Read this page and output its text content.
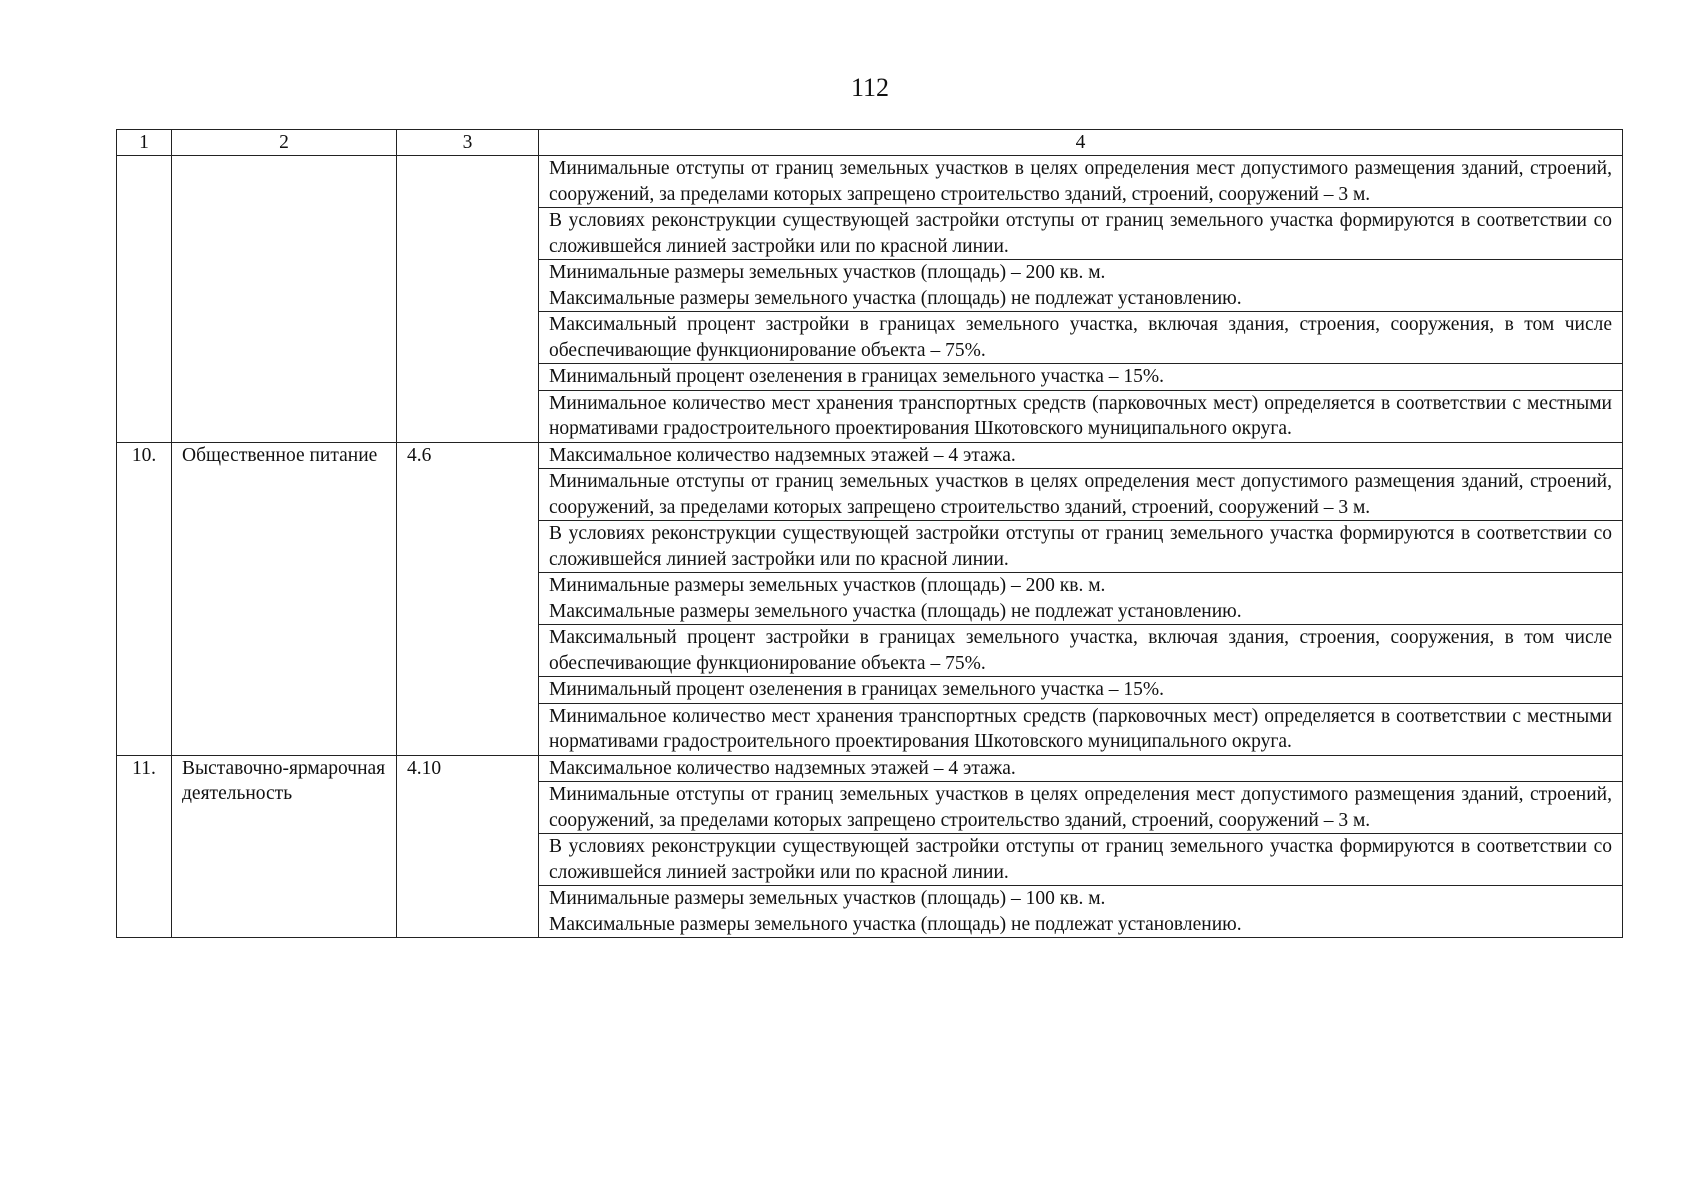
112
1	2	3	4

			Минимальные отступы от границ земельных участков в целях определения мест допустимого размещения зданий, строений, сооружений, за пределами которых запрещено строительство зданий, строений, сооружений – 3 м.

			В условиях реконструкции существующей застройки отступы от границ земельного участка формируются в соответствии со сложившейся линией застройки или по красной линии.

			Минимальные размеры земельных участков (площадь) – 200 кв. м.
Максимальные размеры земельного участка (площадь) не подлежат установлению.

			Максимальный процент застройки в границах земельного участка, включая здания, строения, сооружения, в том числе обеспечивающие функционирование объекта – 75%.

			Минимальный процент озеленения в границах земельного участка – 15%.

			Минимальное количество мест хранения транспортных средств (парковочных мест) определяется в соответствии с местными нормативами градостроительного проектирования Шкотовского муниципального округа.

10.	Общественное питание	4.6	Максимальное количество надземных этажей – 4 этажа.

			Минимальные отступы от границ земельных участков в целях определения мест допустимого размещения зданий, строений, сооружений, за пределами которых запрещено строительство зданий, строений, сооружений – 3 м.

			В условиях реконструкции существующей застройки отступы от границ земельного участка формируются в соответствии со сложившейся линией застройки или по красной линии.

			Минимальные размеры земельных участков (площадь) – 200 кв. м.
Максимальные размеры земельного участка (площадь) не подлежат установлению.

			Максимальный процент застройки в границах земельного участка, включая здания, строения, сооружения, в том числе обеспечивающие функционирование объекта – 75%.

			Минимальный процент озеленения в границах земельного участка – 15%.

			Минимальное количество мест хранения транспортных средств (парковочных мест) определяется в соответствии с местными нормативами градостроительного проектирования Шкотовского муниципального округа.

11.	Выставочно-ярмарочная деятельность	4.10	Максимальное количество надземных этажей – 4 этажа.

			Минимальные отступы от границ земельных участков в целях определения мест допустимого размещения зданий, строений, сооружений, за пределами которых запрещено строительство зданий, строений, сооружений – 3 м.

			В условиях реконструкции существующей застройки отступы от границ земельного участка формируются в соответствии со сложившейся линией застройки или по красной линии.

			Минимальные размеры земельных участков (площадь) – 100 кв. м.
Максимальные размеры земельного участка (площадь) не подлежат установлению.
